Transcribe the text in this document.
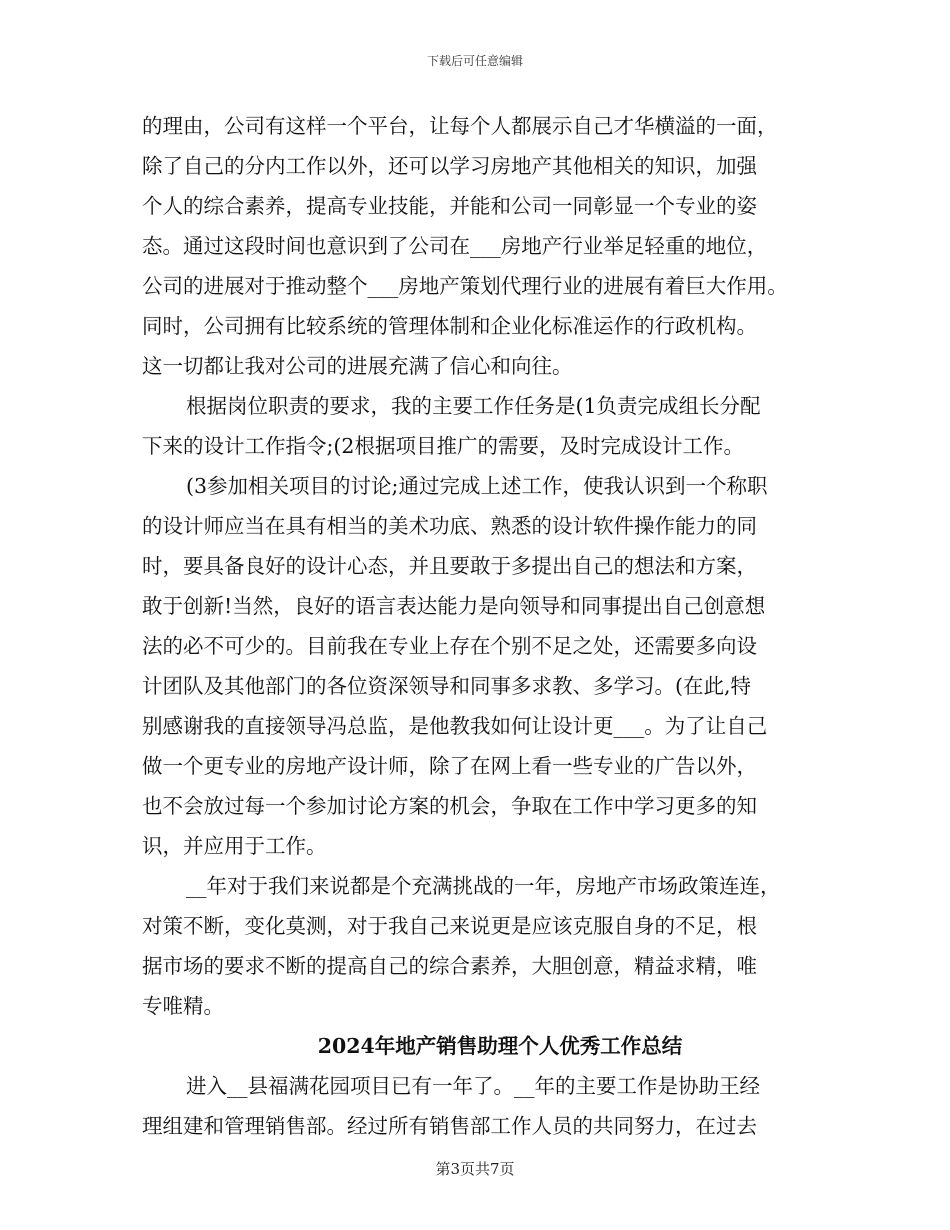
下载后可任意编辑
的理由，公司有这样一个平台，让每个人都展示自己才华横溢的一面，
除了自己的分内工作以外，还可以学习房地产其他相关的知识，加强
个人的综合素养，提高专业技能，并能和公司一同彰显一个专业的姿
态。通过这段时间也意识到了公司在___房地产行业举足轻重的地位，
公司的进展对于推动整个___房地产策划代理行业的进展有着巨大作用。
同时，公司拥有比较系统的管理体制和企业化标准运作的行政机构。
这一切都让我对公司的进展充满了信心和向往。
根据岗位职责的要求，我的主要工作任务是(1负责完成组长分配
下来的设计工作指令;(2根据项目推广的需要，及时完成设计工作。
(3参加相关项目的讨论;通过完成上述工作，使我认识到一个称职
的设计师应当在具有相当的美术功底、熟悉的设计软件操作能力的同
时，要具备良好的设计心态，并且要敢于多提出自己的想法和方案，
敢于创新!当然，良好的语言表达能力是向领导和同事提出自己创意想
法的必不可少的。目前我在专业上存在个别不足之处，还需要多向设
计团队及其他部门的各位资深领导和同事多求教、多学习。(在此,特
别感谢我的直接领导冯总监，是他教我如何让设计更___。为了让自己
做一个更专业的房地产设计师，除了在网上看一些专业的广告以外，
也不会放过每一个参加讨论方案的机会，争取在工作中学习更多的知
识，并应用于工作。
__年对于我们来说都是个充满挑战的一年，房地产市场政策连连，
对策不断，变化莫测，对于我自己来说更是应该克服自身的不足，根
据市场的要求不断的提高自己的综合素养，大胆创意，精益求精，唯
专唯精。
2024年地产销售助理个人优秀工作总结
进入__县福满花园项目已有一年了。__年的主要工作是协助王经
理组建和管理销售部。经过所有销售部工作人员的共同努力，在过去
第3页共7页
